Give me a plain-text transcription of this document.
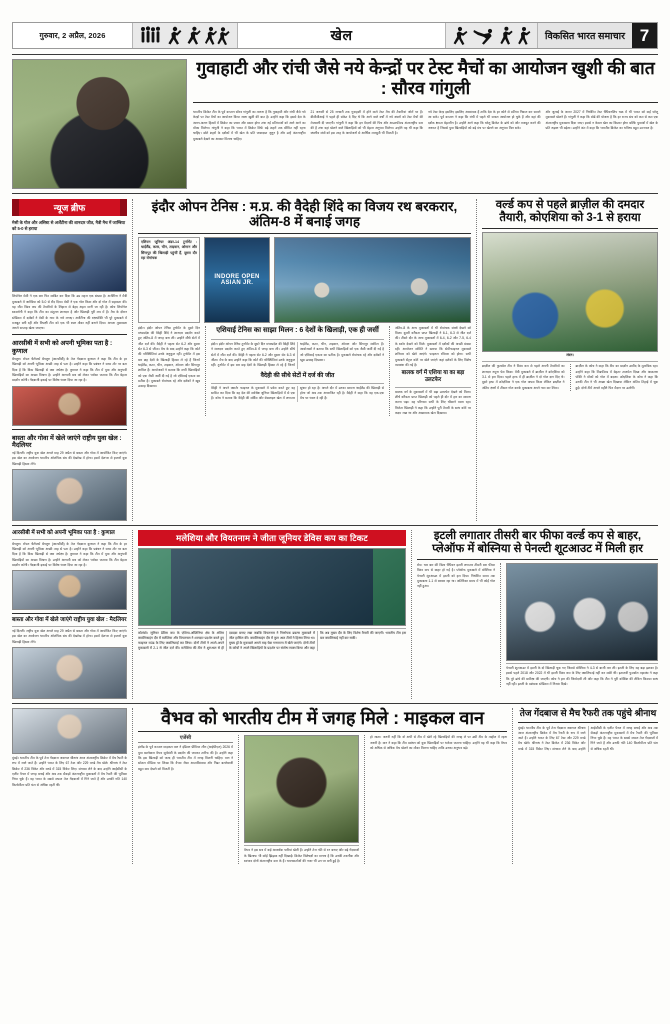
गुरुवार, 2 अप्रैल, 2026	खेल	विकसित भारत समाचार 7
गुवाहाटी और रांची जैसे नये केन्द्रों पर टेस्ट मैचों का आयोजन खुशी की बात : सौरव गांगुली
भारतीय क्रिकेट टीम के पूर्व कप्तान सौरव गांगुली का मानना है कि गुवाहाटी और रांची जैसे नये केन्द्रों पर टेस्ट मैचों का आयोजन किया जाना खुशी की बात है। उन्होंने कहा कि इससे देश के अलग-अलग हिस्सों में क्रिकेट का प्रचार और प्रसार होगा तथा नई प्रतिभाओं को आगे आने का मौका मिलेगा। गांगुली ने कहा कि भारत में क्रिकेट सिर्फ बड़े शहरों तक सीमित नहीं रहना चाहिए। छोटे शहरों के दर्शकों में भी खेल के प्रति जबरदस्त जुनून है और उन्हें अंतरराष्ट्रीय मुकाबले देखने का अवसर मिलना चाहिए।
21 जनवरी से 25 जनवरी तक गुवाहाटी में होने वाले टेस्ट मैच की तैयारियां जोरों पर हैं। बीसीसीआई ने पहले ही संकेत दे दिए थे कि आने वाले वर्षों में नये स्थलों को टेस्ट मैचों की मेजबानी दी जाएगी। गांगुली ने कहा कि इन मैदानों की पिच और आउटफील्ड अंतरराष्ट्रीय स्तर की हैं तथा यहां खेलने वाले खिलाड़ियों को भी बेहतर अनुभव मिलेगा। उन्होंने यह भी कहा कि स्थानीय संघों को इस तरह के आयोजनों से आर्थिक मजबूती भी मिलती है।
नये टेस्ट केन्द्र इसलिए इसलिए आवश्यक हैं ताकि देश के हर कोने से प्रतिभा निकल कर सामने आ सके। पूर्व कप्तान ने कहा कि रांची में पहले भी सफल आयोजन हो चुके हैं और वहां की दर्शक क्षमता बेहतरीन है। उन्होंने आगे कहा कि घरेलू क्रिकेट के ढांचे को और मजबूत करने की जरूरत है जिससे युवा खिलाड़ियों को बड़े मंच पर खेलने का अनुभव मिल सके।
और जुलाई के अन्तर 2027 में निर्धारित टेस्ट चैंपियनशिप चक्र में भी भारत को कई घरेलू मुकाबले खेलने हैं। गांगुली ने कहा कि बोर्ड की योजना है कि हर राज्य संघ को कम से कम एक अंतरराष्ट्रीय मुकाबला दिया जाए। इससे न केवल खेल का विस्तार होगा बल्कि युवाओं में खेल के प्रति रुझान भी बढ़ेगा। उन्होंने अंत में कहा कि भारतीय क्रिकेट का भविष्य बहुत उज्ज्वल है।
न्यूज ब्रीफ
मेसी के गोल और असिस्ट से अर्जेंटीना की शानदार जीत, मैत्री मैच में जाम्बिया को 5-0 से हराया
लियोनेल मेसी ने एक बार फिर साबित कर दिया कि उम्र महज एक संख्या है। अर्जेंटीना ने मैत्री मुकाबले में जाम्बिया को 5-0 से रौंद दिया। मेसी ने एक गोल किया और दो गोल में सहायता की। यह जीत विश्व कप की तैयारियों के लिहाज से बेहद अहम मानी जा रही है। कोच लियोनेल स्कालोनी ने कहा कि टीम का संतुलन शानदार है और खिलाड़ी पूरी लय में हैं। मैच के दौरान स्टेडियम में दर्शकों ने मेसी के नाम के नारे लगाए। अर्जेंटीना की रक्षापंक्ति भी पूरे मुकाबले में मजबूत बनी रही और विपक्षी टीम को एक भी स्पष्ट मौका नहीं बनाने दिया। अगला मुकाबला अगले सप्ताह खेला जाएगा।
आरसीबी में सभी को अपनी भूमिका पता है : कुणाल
बेंगलुरु। रॉयल चैलेंजर्स बेंगलुरु (आरसीबी) के तेज गेंदबाज कुणाल ने कहा कि टीम के हर खिलाड़ी को अपनी भूमिका अच्छी तरह से पता है। उन्होंने कहा कि प्रबंधन ने साफ तौर पर बता दिया है कि किस खिलाड़ी से क्या अपेक्षा है। कुणाल ने कहा कि टीम में युवा और अनुभवी खिलाड़ियों का अच्छा मिश्रण है। उन्होंने आगामी सत्र को लेकर भरोसा जताया कि टीम बेहतर प्रदर्शन करेगी। गेंदबाजी इकाई पर विशेष ध्यान दिया जा रहा है।
बास्ता और गोवा में खेले जाएंगे राष्ट्रीय युवा खेल : मैदलियर
नई दिल्ली। राष्ट्रीय युवा खेल अगले माह 29 अप्रैल से बास्ता और गोवा में आयोजित किए जाएंगे। इस खेल का आयोजन भारतीय ओलंपिक संघ की देखरेख में होगा। इसमें देशभर से हजारों युवा खिलाड़ी हिस्सा लेंगे।
इंदौर ओपन टेनिस : म.प्र. की वैदेही शिंदे का विजय रथ बरकरार, अंतिम-8 में बनाई जगह
एशियन जूनियर अंडर-14 टूर्नामेंट : थाईलैंड, कतर, चीन, ताइवान, ओमान और सिंगापुर की खिलाड़ी पहुंचीं हैं, दूसरा दौर रहा रोमांचक
INDORE OPEN ASIAN JR.
इंदौर। इंदौर ओपन टेनिस टूर्नामेंट के दूसरे दिन मध्यप्रदेश की वैदेही शिंदे ने शानदार प्रदर्शन करते हुए अंतिम-8 में जगह बना ली। उन्होंने सीधे सेटों में जीत दर्ज की। वैदेही ने पहला सेट 6-2 और दूसरा सेट 6-3 से जीता। मैच के बाद उन्होंने कहा कि कोर्ट की परिस्थितियां उनके अनुकूल रहीं। टूर्नामेंट में इस बार छह देशों के खिलाड़ी हिस्सा ले रहे हैं जिनमें थाईलैंड, कतर, चीन, ताइवान, ओमान और सिंगापुर शामिल हैं। आयोजकों ने बताया कि सभी खिलाड़ियों को एक जैसी जर्सी दी गई है जो एशियाई एकता का प्रतीक है। मुकाबले रोमांचक रहे और दर्शकों ने खूब उत्साह दिखाया।
एशियाई टेनिस का साझा मिलन : 6 देशों के खिलाड़ी, एक ही जर्सी
इंदौर। इंदौर ओपन टेनिस टूर्नामेंट के दूसरे दिन मध्यप्रदेश की वैदेही शिंदे ने शानदार प्रदर्शन करते हुए अंतिम-8 में जगह बना ली। उन्होंने सीधे सेटों में जीत दर्ज की। वैदेही ने पहला सेट 6-2 और दूसरा सेट 6-3 से जीता। मैच के बाद उन्होंने कहा कि कोर्ट की परिस्थितियां उनके अनुकूल रहीं। टूर्नामेंट में इस बार छह देशों के खिलाड़ी हिस्सा ले रहे हैं जिनमें थाईलैंड, कतर, चीन, ताइवान, ओमान और सिंगापुर शामिल हैं। आयोजकों ने बताया कि सभी खिलाड़ियों को एक जैसी जर्सी दी गई है जो एशियाई एकता का प्रतीक है। मुकाबले रोमांचक रहे और दर्शकों ने खूब उत्साह दिखाया।
वैदेही की सीधे सेटों में दर्ज की जीत
वैदेही ने अपने क्वार्टर फाइनल के मुकाबले में प्रवेश करते हुए यह साबित कर दिया कि वह देश की सर्वश्रेष्ठ जूनियर खिलाड़ियों में से एक हैं। कोच ने बताया कि वैदेही की सर्विस और बेसलाइन खेल में लगातार सुधार हो रहा है। अगले दौर में उनका सामना थाईलैंड की खिलाड़ी से होगा जो अब तक अपराजित रही है। वैदेही ने कहा कि वह एक-एक मैच पर ध्यान दे रही हैं।
अंतिम-8 के अन्य मुकाबलों में भी रोमांचक संघर्ष देखने को मिला। दूसरी वरीयता प्राप्त खिलाड़ी ने 6-1, 6-3 से जीत दर्ज की। तीसरे दौर के अन्य मुकाबलों में 6-4, 6-2 और 7-5, 6-4 के स्कोर देखने को मिले। मुकाबलों में दर्शकों की अच्छी संख्या रही। आयोजन समिति ने बताया कि सेमीफाइनल मुकाबले शनिवार को खेले जाएंगे। फाइनल रविवार को होगा। सभी मुकाबले सेंट्रल कोर्ट पर खेले जाएंगे जहां दर्शकों के लिए विशेष व्यवस्था की गई है।
बालक वर्ग में एशिया या का बड़ा उलटफेर
बालक वर्ग के मुकाबलों में भी बड़ा उलटफेर देखने को मिला। शीर्ष वरीयता प्राप्त खिलाड़ी को पहले ही दौर में हार का सामना करना पड़ा। यह परिणाम सभी के लिए चौंकाने वाला रहा। विजेता खिलाड़ी ने कहा कि उन्होंने पूरी तैयारी के साथ कोर्ट पर कदम रखा था और आक्रामक खेल दिखाया।
वर्ल्ड कप से पहले ब्राज़ील की दमदार तैयारी, कोएशिया को 3-1 से हराया
लंदन।
ब्राज़ील की फुटबॉल टीम ने विश्व कप से पहले अपनी तैयारियों का शानदार नमूना पेश किया। मैत्री मुकाबले में ब्राज़ील ने क्रोएशिया को 3-1 से हरा दिया। पहले हाफ में ही ब्राज़ील ने दो गोल दाग दिए थे। दूसरे हाफ में क्रोएशिया ने एक गोल वापस किया लेकिन ब्राज़ील ने अंतिम क्षणों में तीसरा गोल करके मुकाबला अपने नाम कर लिया।
ब्राज़ील के कोच ने कहा कि टीम का प्रदर्शन उम्मीद के मुताबिक रहा। उन्होंने कहा कि मिडफील्ड में बेहतर तालमेल दिखा और आक्रमण पंक्ति ने मौकों को गोल में बदला। क्रोएशिया के कोच ने कहा कि उनकी टीम ने भी अच्छा खेल दिखाया लेकिन अंतिम तिहाई में चूक हुई। दोनों टीमें अगले महीने फिर मैदान पर उतरेंगी।
आरसीबी में सभी को अपनी भूमिका पता है : कुणाल
बेंगलुरु। रॉयल चैलेंजर्स बेंगलुरु (आरसीबी) के तेज गेंदबाज कुणाल ने कहा कि टीम के हर खिलाड़ी को अपनी भूमिका अच्छी तरह से पता है। उन्होंने कहा कि प्रबंधन ने साफ तौर पर बता दिया है कि किस खिलाड़ी से क्या अपेक्षा है। कुणाल ने कहा कि टीम में युवा और अनुभवी खिलाड़ियों का अच्छा मिश्रण है। उन्होंने आगामी सत्र को लेकर भरोसा जताया कि टीम बेहतर प्रदर्शन करेगी। गेंदबाजी इकाई पर विशेष ध्यान दिया जा रहा है।
बास्ता और गोवा में खेले जाएंगे राष्ट्रीय युवा खेल : मैदलियर
नई दिल्ली। राष्ट्रीय युवा खेल अगले माह 29 अप्रैल से बास्ता और गोवा में आयोजित किए जाएंगे। इस खेल का आयोजन भारतीय ओलंपिक संघ की देखरेख में होगा। इसमें देशभर से हजारों युवा खिलाड़ी हिस्सा लेंगे।
मलेशिया और वियतनाम ने जीता जूनियर डेविस कप का टिकट
कोलंबो। जूनियर डेविस कप के एशिया-ओशिनिया क्षेत्र के अंतिम क्वालिफाइंग दौर में मलेशिया और वियतनाम ने शानदार प्रदर्शन करते हुए फाइनल राउंड के लिए क्वालिफाई कर लिया। दोनों टीमों ने अपने-अपने मुकाबलों में 2-1 से जीत दर्ज की। मलेशिया की टीम ने शुरुआत से ही दबदबा बनाए रखा जबकि वियतनाम ने निर्णायक डबल्स मुकाबले में जीत हासिल की। क्वालिफाइंग दौर में कुल आठ टीमों ने हिस्सा लिया था। मुख्य ड्रॉ के मुकाबले अगले माह चेक गणराज्य में खेले जाएंगे। दोनों टीमों के कोचों ने अपने खिलाड़ियों के प्रदर्शन पर संतोष व्यक्त किया और कहा कि अब मुख्य दौर के लिए विशेष तैयारी की जाएगी। भारतीय टीम इस बार क्वालिफाई नहीं कर सकी।
इटली लगातार तीसरी बार फीफा वर्ल्ड कप से बाहर, प्लेऑफ में बोस्निया से पेनल्टी शूटआउट में मिली हार
रोम। चार बार की विश्व चैंपियन इटली लगातार तीसरी बार फीफा विश्व कप से बाहर हो गई है। प्लेऑफ मुकाबले में बोस्निया ने पेनल्टी शूटआउट में इटली को हरा दिया। निर्धारित समय तक मुकाबला 1-1 से बराबर रहा था। अतिरिक्त समय में भी कोई गोल नहीं हुआ।
पेनल्टी शूटआउट में इटली के दो खिलाड़ी चूक गए जिससे बोस्निया ने 4-3 से बाजी मार ली। इटली के लिए यह बड़ा झटका है। इससे पहले 2018 और 2022 में भी इटली विश्व कप के लिए क्वालिफाई नहीं कर सकी थी। इतालवी फुटबॉल महासंघ ने कहा कि पूरे ढांचे की समीक्षा की जाएगी। कोच ने हार की जिम्मेदारी ली और कहा कि टीम ने पूरी कोशिश की लेकिन किस्मत साथ नहीं रही। इटली के प्रशंसक स्टेडियम में निराश दिखे।
मुंबई। भारतीय टीम के पूर्व तेज गेंदबाज जवागल श्रीनाथ आज अंतरराष्ट्रीय क्रिकेट में मैच रैफरी के रूप में जाने जाते हैं। उन्होंने भारत के लिए 67 टेस्ट और 229 वनडे मैच खेले। श्रीनाथ ने टेस्ट क्रिकेट में 236 विकेट और वनडे में 315 विकेट लिए। संन्यास लेने के बाद उन्होंने आईसीसी के एलीट पैनल में जगह बनाई और अब तक सैकड़ों अंतरराष्ट्रीय मुकाबलों में मैच रैफरी की भूमिका निभा चुके हैं। वह भारत के सबसे सफल तेज गेंदबाजों में गिने जाते हैं और उनकी गति 140 किलोमीटर प्रति घंटा से अधिक रहती थी।
वैभव को भारतीय टीम में जगह मिले : माइकल वान
एजेंसी
इंग्लैंड के पूर्व कप्तान माइकल वान ने इंडियन प्रीमियर लीग (आईपीएल) 2026 में युवा बल्लेबाज वैभव सूर्यवंशी के प्रदर्शन की जमकर तारीफ की है। उन्होंने कहा कि इस खिलाड़ी को जल्द ही भारतीय टीम में जगह मिलनी चाहिए। वान ने सोशल मीडिया पर लिखा कि वैभव जैसा आत्मविश्वास और निडर बल्लेबाजी बहुत कम देखने को मिलती है।
वैभव ने इस सत्र में कई आकर्षक पारियां खेली हैं। उन्होंने तेज गति से रन बनाए और बड़े गेंदबाजों के खिलाफ भी कोई झिझक नहीं दिखाई। क्रिकेट विशेषज्ञों का मानना है कि उनकी तकनीक और स्वभाव दोनों अंतरराष्ट्रीय स्तर के हैं। चयनकर्ताओं की नजर भी उन पर बनी हुई है।
हो जाता। जरूरी नहीं कि वो अभी से टीम में खेलें रहे खिलाड़ियों की जगह ले पर उसी टीम के माहौल में रहना जरूरी है। वान ने कहा कि टीम प्रबंधन को युवा खिलाड़ियों पर भरोसा जताना चाहिए। उन्होंने यह भी कहा कि वैभव को अधिक से अधिक मैच खेलने का मौका मिलना चाहिए ताकि उनका अनुभव बढ़े।
तेज गेंदबाज से मैच रैफरी तक पहुंचे श्रीनाथ
मुंबई। भारतीय टीम के पूर्व तेज गेंदबाज जवागल श्रीनाथ आज अंतरराष्ट्रीय क्रिकेट में मैच रैफरी के रूप में जाने जाते हैं। उन्होंने भारत के लिए 67 टेस्ट और 229 वनडे मैच खेले। श्रीनाथ ने टेस्ट क्रिकेट में 236 विकेट और वनडे में 315 विकेट लिए। संन्यास लेने के बाद उन्होंने आईसीसी के एलीट पैनल में जगह बनाई और अब तक सैकड़ों अंतरराष्ट्रीय मुकाबलों में मैच रैफरी की भूमिका निभा चुके हैं। वह भारत के सबसे सफल तेज गेंदबाजों में गिने जाते हैं और उनकी गति 140 किलोमीटर प्रति घंटा से अधिक रहती थी।
